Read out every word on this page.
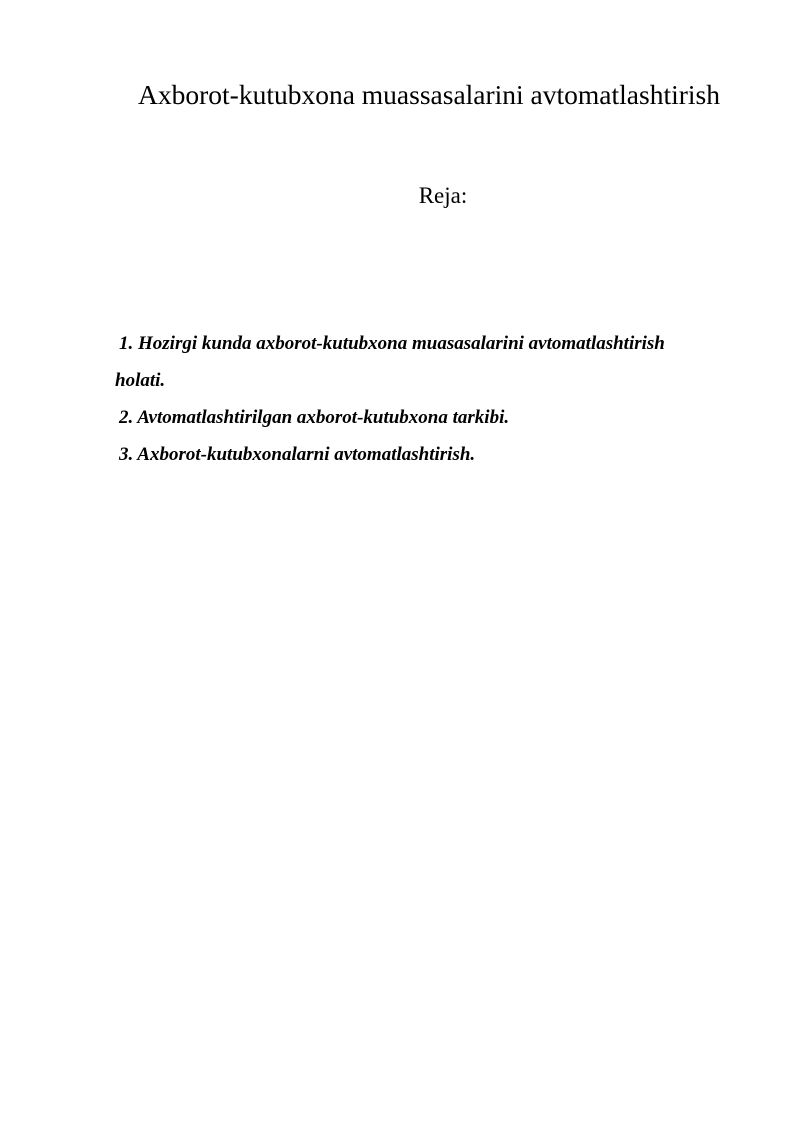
Axborot-kutubxona muassasalarini avtomatlashtirish

Reja:

1. Hozirgi kunda axborot-kutubxona muasasalarini avtomatlashtirish
holati.
2. Avtomatlashtirilgan axborot-kutubxona tarkibi.
3. Axborot-kutubxonalarni avtomatlashtirish.
